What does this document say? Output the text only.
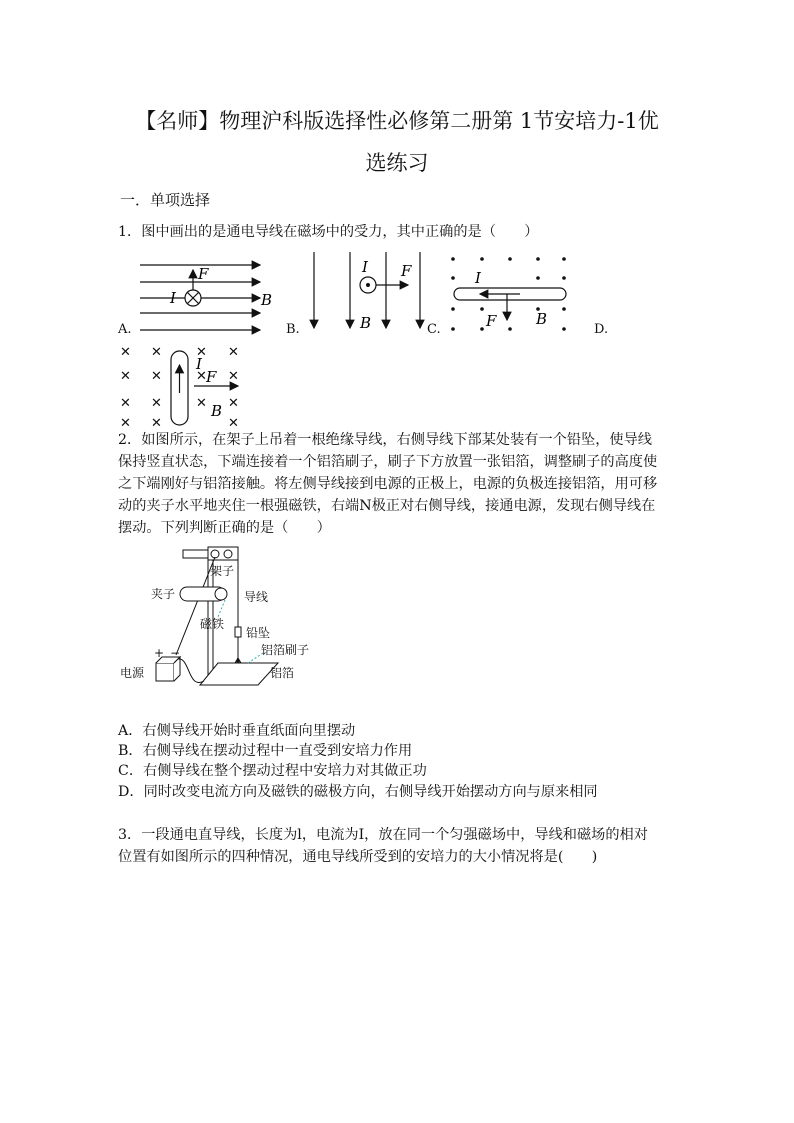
【名师】物理沪科版选择性必修第二册第 1节安培力-1优
选练习
一．单项选择
1．图中画出的是通电导线在磁场中的受力，其中正确的是（　　）
F
I	B
A.
I F
B
B.
I
F	B
C.	D.
✕ ✕	✕ ✕
✕ ✕	✕ ✕
✕ ✕	✕ ✕
✕ ✕	✕
I
F
B
2．如图所示，在架子上吊着一根绝缘导线，右侧导线下部某处装有一个铅坠，使导线
保持竖直状态，下端连接着一个铝箔刷子，刷子下方放置一张铝箔，调整刷子的高度使
之下端刚好与铝箔接触。将左侧导线接到电源的正极上，电源的负极连接铝箔，用可移
动的夹子水平地夹住一根强磁铁，右端N极正对右侧导线，接通电源，发现右侧导线在
摆动。下列判断正确的是（　　）
架子
夹子	导线
磁铁
铅坠
铝箔刷子
+ −
电源	铝箔
A．右侧导线开始时垂直纸面向里摆动
B．右侧导线在摆动过程中一直受到安培力作用
C．右侧导线在整个摆动过程中安培力对其做正功
D．同时改变电流方向及磁铁的磁极方向，右侧导线开始摆动方向与原来相同
3．一段通电直导线，长度为l，电流为I，放在同一个匀强磁场中，导线和磁场的相对
位置有如图所示的四种情况，通电导线所受到的安培力的大小情况将是(　　)
